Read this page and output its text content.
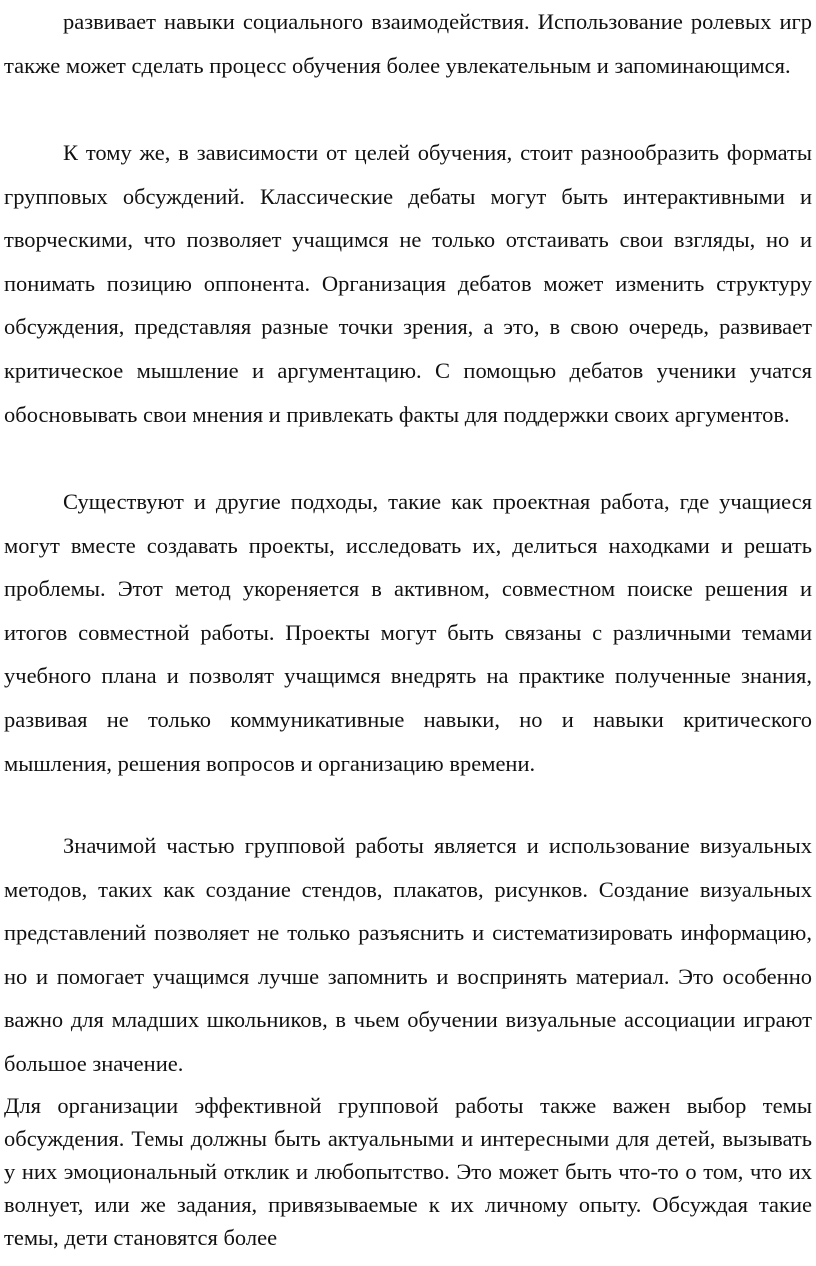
развивает навыки социального взаимодействия. Использование ролевых игр также может сделать процесс обучения более увлекательным и запоминающимся.

К тому же, в зависимости от целей обучения, стоит разнообразить форматы групповых обсуждений. Классические дебаты могут быть интерактивными и творческими, что позволяет учащимся не только отстаивать свои взгляды, но и понимать позицию оппонента. Организация дебатов может изменить структуру обсуждения, представляя разные точки зрения, а это, в свою очередь, развивает критическое мышление и аргументацию. С помощью дебатов ученики учатся обосновывать свои мнения и привлекать факты для поддержки своих аргументов.

Существуют и другие подходы, такие как проектная работа, где учащиеся могут вместе создавать проекты, исследовать их, делиться находками и решать проблемы. Этот метод укореняется в активном, совместном поиске решения и итогов совместной работы. Проекты могут быть связаны с различными темами учебного плана и позволят учащимся внедрять на практике полученные знания, развивая не только коммуникативные навыки, но и навыки критического мышления, решения вопросов и организацию времени.

Значимой частью групповой работы является и использование визуальных методов, таких как создание стендов, плакатов, рисунков. Создание визуальных представлений позволяет не только разъяснить и систематизировать информацию, но и помогает учащимся лучше запомнить и воспринять материал. Это особенно важно для младших школьников, в чьем обучении визуальные ассоциации играют большое значение.

Для организации эффективной групповой работы также важен выбор темы обсуждения. Темы должны быть актуальными и интересными для детей, вызывать у них эмоциональный отклик и любопытство. Это может быть что-то о том, что их волнует, или же задания, привязываемые к их личному опыту. Обсуждая такие темы, дети становятся более
